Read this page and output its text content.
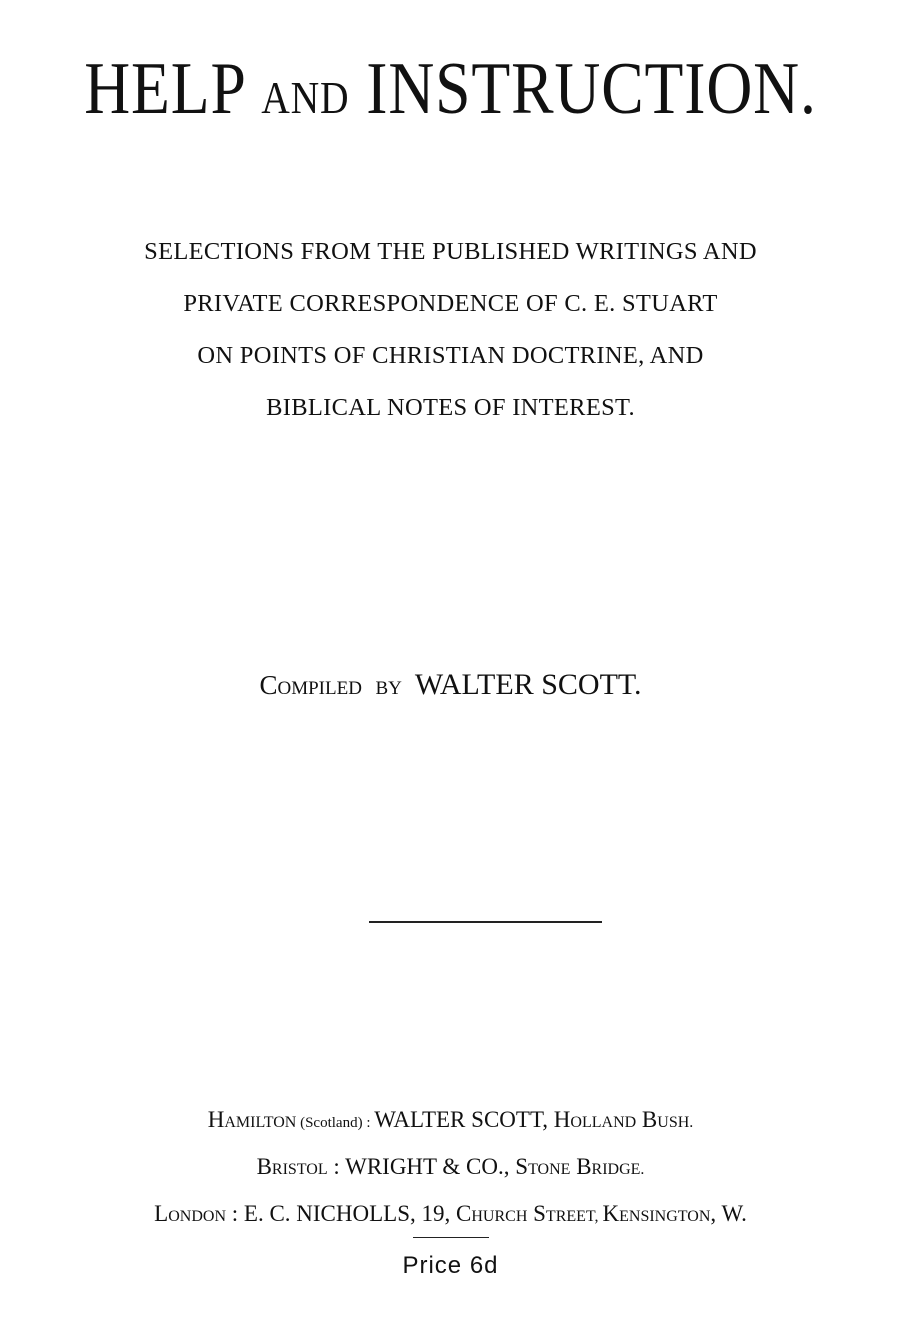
HELP AND INSTRUCTION.
SELECTIONS FROM THE PUBLISHED WRITINGS AND
PRIVATE CORRESPONDENCE OF C. E. STUART
ON POINTS OF CHRISTIAN DOCTRINE, AND
BIBLICAL NOTES OF INTEREST.
COMPILED BY WALTER SCOTT.
HAMILTON (Scotland) : WALTER SCOTT, HOLLAND BUSH.
BRISTOL : WRIGHT & CO., STONE BRIDGE.
LONDON : E. C. NICHOLLS, 19, CHURCH STREET, KENSINGTON, W.
Price 6d
